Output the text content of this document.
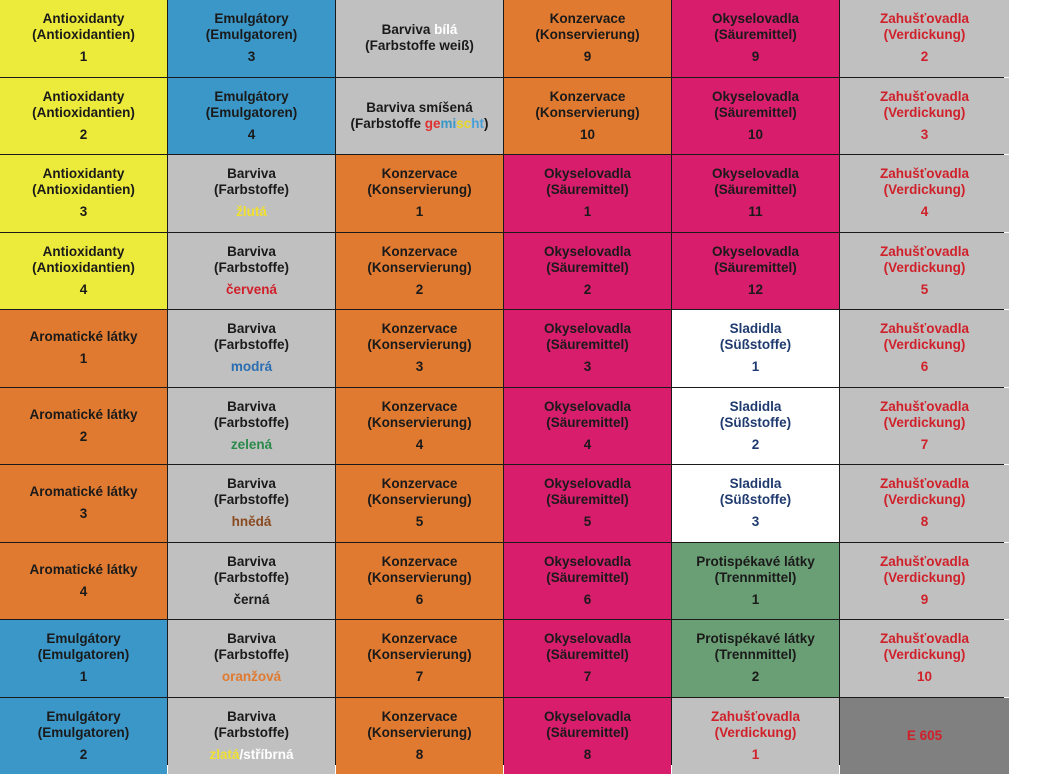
Antioxidanty
(Antioxidantien)
1
Emulgátory
(Emulgatoren)
3
Barviva bílá
(Farbstoffe weiß)
Konzervace
(Konservierung)
9
Okyselovadla
(Säuremittel)
9
Zahušťovadla
(Verdickung)
2
Antioxidanty
(Antioxidantien)
2
Emulgátory
(Emulgatoren)
4
Barviva smíšená
(Farbstoffe gemischt)
Konzervace
(Konservierung)
10
Okyselovadla
(Säuremittel)
10
Zahušťovadla
(Verdickung)
3
Antioxidanty
(Antioxidantien)
3
Barviva
(Farbstoffe)
žlutá
Konzervace
(Konservierung)
1
Okyselovadla
(Säuremittel)
1
Okyselovadla
(Säuremittel)
11
Zahušťovadla
(Verdickung)
4
Antioxidanty
(Antioxidantien)
4
Barviva
(Farbstoffe)
červená
Konzervace
(Konservierung)
2
Okyselovadla
(Säuremittel)
2
Okyselovadla
(Säuremittel)
12
Zahušťovadla
(Verdickung)
5
Aromatické látky
1
Barviva
(Farbstoffe)
modrá
Konzervace
(Konservierung)
3
Okyselovadla
(Säuremittel)
3
Sladidla
(Süßstoffe)
1
Zahušťovadla
(Verdickung)
6
Aromatické látky
2
Barviva
(Farbstoffe)
zelená
Konzervace
(Konservierung)
4
Okyselovadla
(Säuremittel)
4
Sladidla
(Süßstoffe)
2
Zahušťovadla
(Verdickung)
7
Aromatické látky
3
Barviva
(Farbstoffe)
hnědá
Konzervace
(Konservierung)
5
Okyselovadla
(Säuremittel)
5
Sladidla
(Süßstoffe)
3
Zahušťovadla
(Verdickung)
8
Aromatické látky
4
Barviva
(Farbstoffe)
černá
Konzervace
(Konservierung)
6
Okyselovadla
(Säuremittel)
6
Protispékavé látky
(Trennmittel)
1
Zahušťovadla
(Verdickung)
9
Emulgátory
(Emulgatoren)
1
Barviva
(Farbstoffe)
oranžová
Konzervace
(Konservierung)
7
Okyselovadla
(Säuremittel)
7
Protispékavé látky
(Trennmittel)
2
Zahušťovadla
(Verdickung)
10
Emulgátory
(Emulgatoren)
2
Barviva
(Farbstoffe)
zlatá/stříbrná
Konzervace
(Konservierung)
8
Okyselovadla
(Säuremittel)
8
Zahušťovadla
(Verdickung)
1
E 605
